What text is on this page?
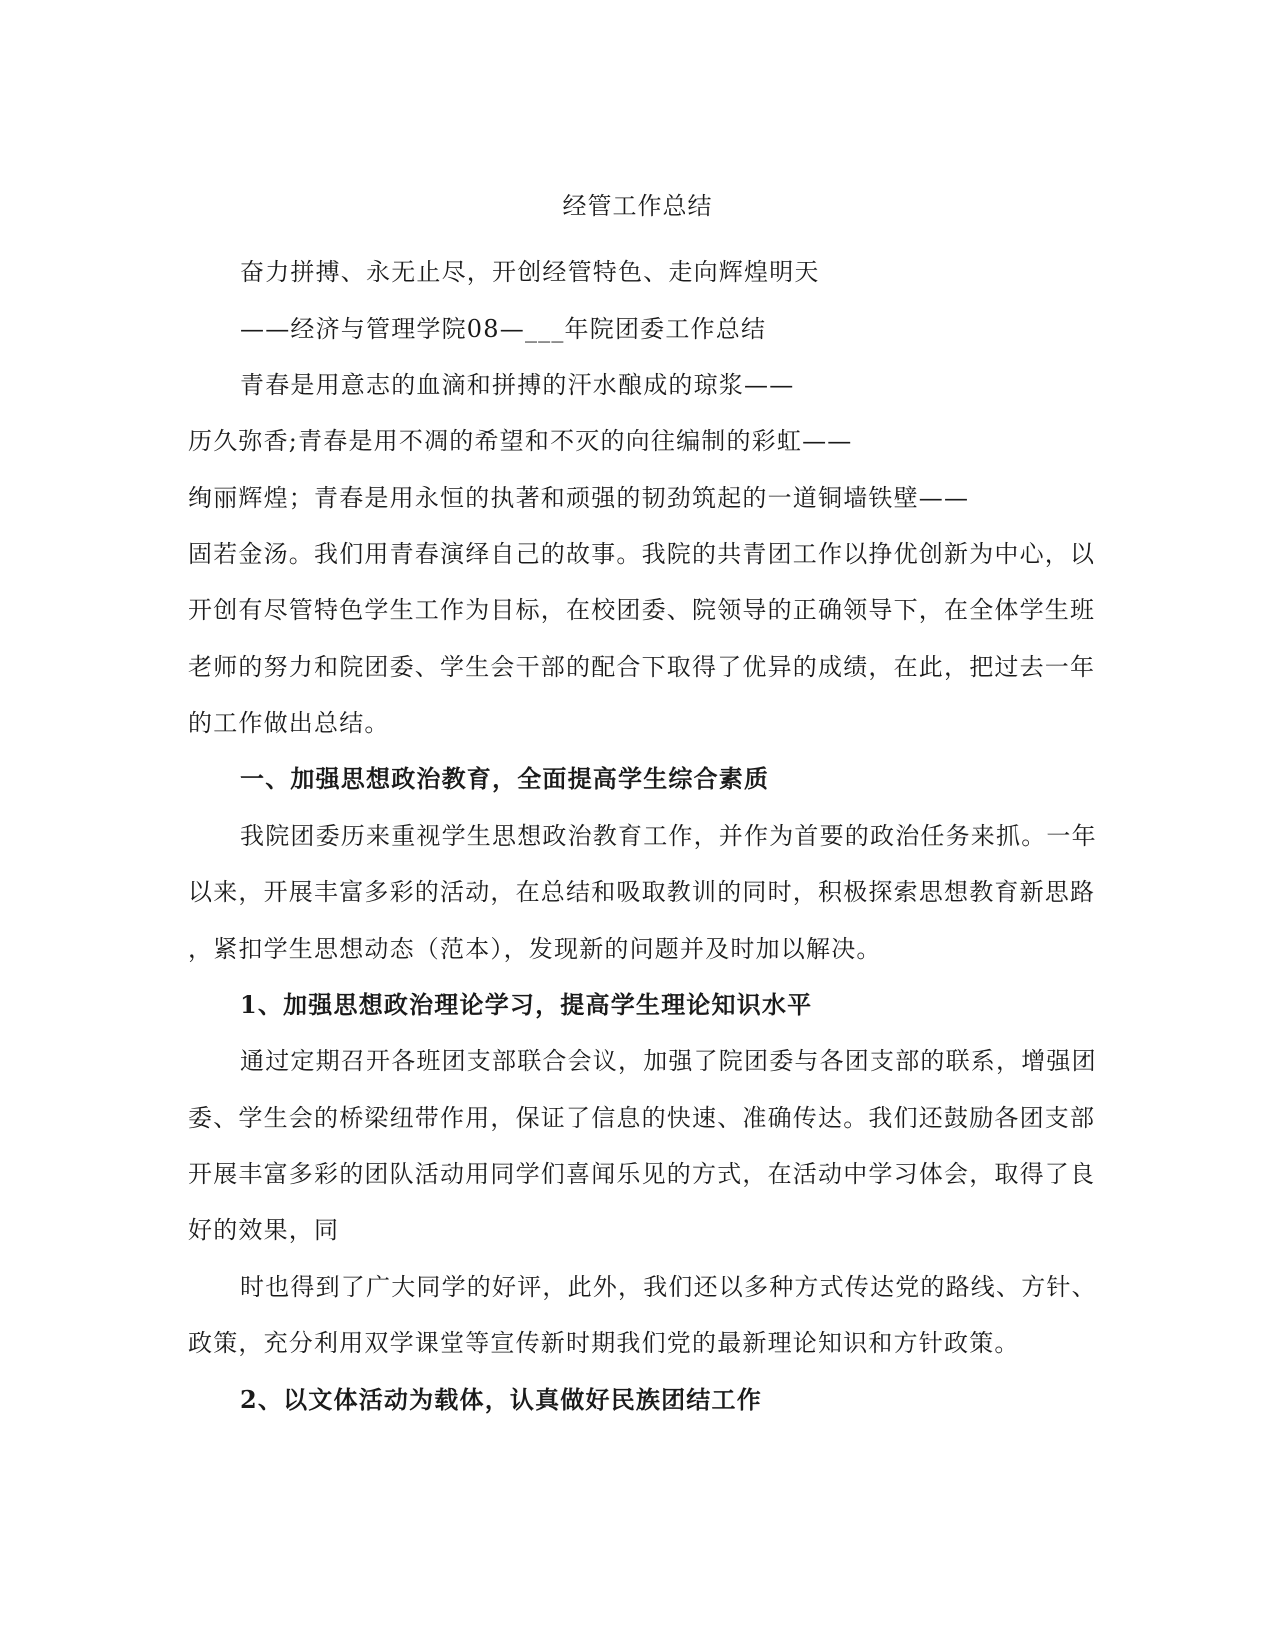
经管工作总结
奋力拼搏、永无止尽，开创经管特色、走向辉煌明天
——经济与管理学院08—___年院团委工作总结
青春是用意志的血滴和拼搏的汗水酿成的琼浆——
历久弥香;青春是用不凋的希望和不灭的向往编制的彩虹——
绚丽辉煌；青春是用永恒的执著和顽强的韧劲筑起的一道铜墙铁壁——
固若金汤。我们用青春演绎自己的故事。我院的共青团工作以挣优创新为中心，以
开创有尽管特色学生工作为目标，在校团委、院领导的正确领导下，在全体学生班
老师的努力和院团委、学生会干部的配合下取得了优异的成绩，在此，把过去一年
的工作做出总结。
一、加强思想政治教育，全面提高学生综合素质
我院团委历来重视学生思想政治教育工作，并作为首要的政治任务来抓。一年
以来，开展丰富多彩的活动，在总结和吸取教训的同时，积极探索思想教育新思路
，紧扣学生思想动态（范本），发现新的问题并及时加以解决。
1、加强思想政治理论学习，提高学生理论知识水平
通过定期召开各班团支部联合会议，加强了院团委与各团支部的联系，增强团
委、学生会的桥梁纽带作用，保证了信息的快速、准确传达。我们还鼓励各团支部
开展丰富多彩的团队活动用同学们喜闻乐见的方式，在活动中学习体会，取得了良
好的效果，同
时也得到了广大同学的好评，此外，我们还以多种方式传达党的路线、方针、
政策，充分利用双学课堂等宣传新时期我们党的最新理论知识和方针政策。
2、以文体活动为载体，认真做好民族团结工作
